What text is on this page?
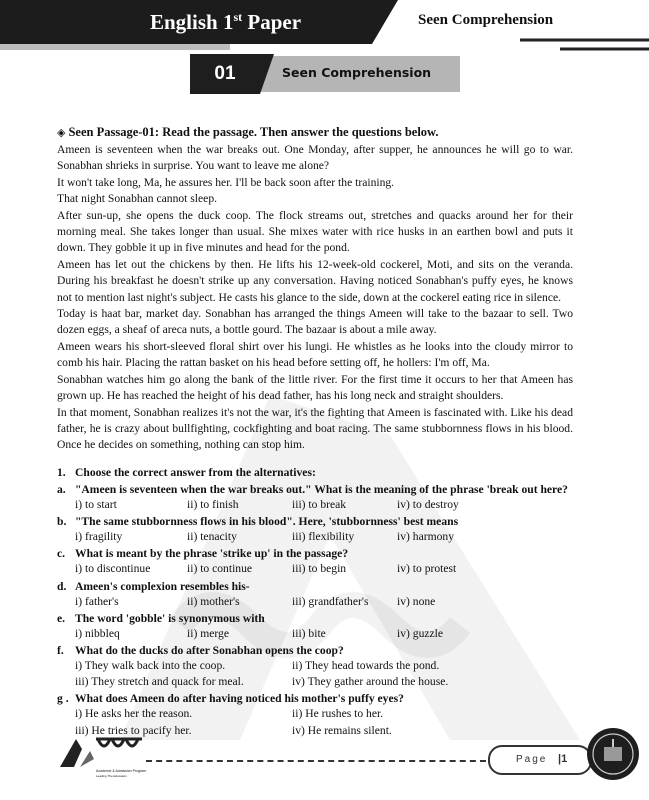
English 1st Paper	Seen Comprehension
01	Seen Comprehension
◈ Seen Passage-01: Read the passage. Then answer the questions below.

Ameen is seventeen when the war breaks out. One Monday, after supper, he announces he will go to war. Sonabhan shrieks in surprise. You want to leave me alone?

It won't take long, Ma, he assures her. I'll be back soon after the training.

That night Sonabhan cannot sleep.

After sun-up, she opens the duck coop. The flock streams out, stretches and quacks around her for their morning meal. She takes longer than usual. She mixes water with rice husks in an earthen bowl and puts it down. They gobble it up in five minutes and head for the pond.

Ameen has let out the chickens by then. He lifts his 12-week-old cockerel, Moti, and sits on the veranda. During his breakfast he doesn't strike up any conversation. Having noticed Sonabhan's puffy eyes, he knows not to mention last night's subject. He casts his glance to the side, down at the cockerel eating rice in silence.

Today is haat bar, market day. Sonabhan has arranged the things Ameen will take to the bazaar to sell. Two dozen eggs, a sheaf of areca nuts, a bottle gourd. The bazaar is about a mile away.

Ameen wears his short-sleeved floral shirt over his lungi. He whistles as he looks into the cloudy mirror to comb his hair. Placing the rattan basket on his head before setting off, he hollers: I'm off, Ma.

Sonabhan watches him go along the bank of the little river. For the first time it occurs to her that Ameen has grown up. He has reached the height of his dead father, has his long neck and straight shoulders.

In that moment, Sonabhan realizes it's not the war, it's the fighting that Ameen is fascinated with. Like his dead father, he is crazy about bullfighting, cockfighting and boat racing. The same stubbornness flows in his blood. Once he decides on something, nothing can stop him.

1. Choose the correct answer from the alternatives:
a. "Ameen is seventeen when the war breaks out." What is the meaning of the phrase 'break out here?
i) to start	ii) to finish	iii) to break	iv) to destroy
b. "The same stubbornness flows in his blood". Here, 'stubbornness' best means
i) fragility	ii) tenacity	iii) flexibility	iv) harmony
c. What is meant by the phrase 'strike up' in the passage?
i) to discontinue	ii) to continue	iii) to begin	iv) to protest
d. Ameen's complexion resembles his-
i) father's	ii) mother's	iii) grandfather's iv) none
e. The word 'gobble' is synonymous with
i) nibbleq	ii) merge	iii) bite	iv) guzzle
f. What do the ducks do after Sonabhan opens the coop?
i) They walk back into the coop.	ii) They head towards the pond.
iii) They stretch and quack for meal.	iv) They gather around the house.
g . What does Ameen do after having noticed his mother's puffy eyes?
i) He asks her the reason.	ii) He rushes to her.
iii) He tries to pacify her.	iv) He remains silent.
Academic & Admission Program
Leading The Education
Page |1
